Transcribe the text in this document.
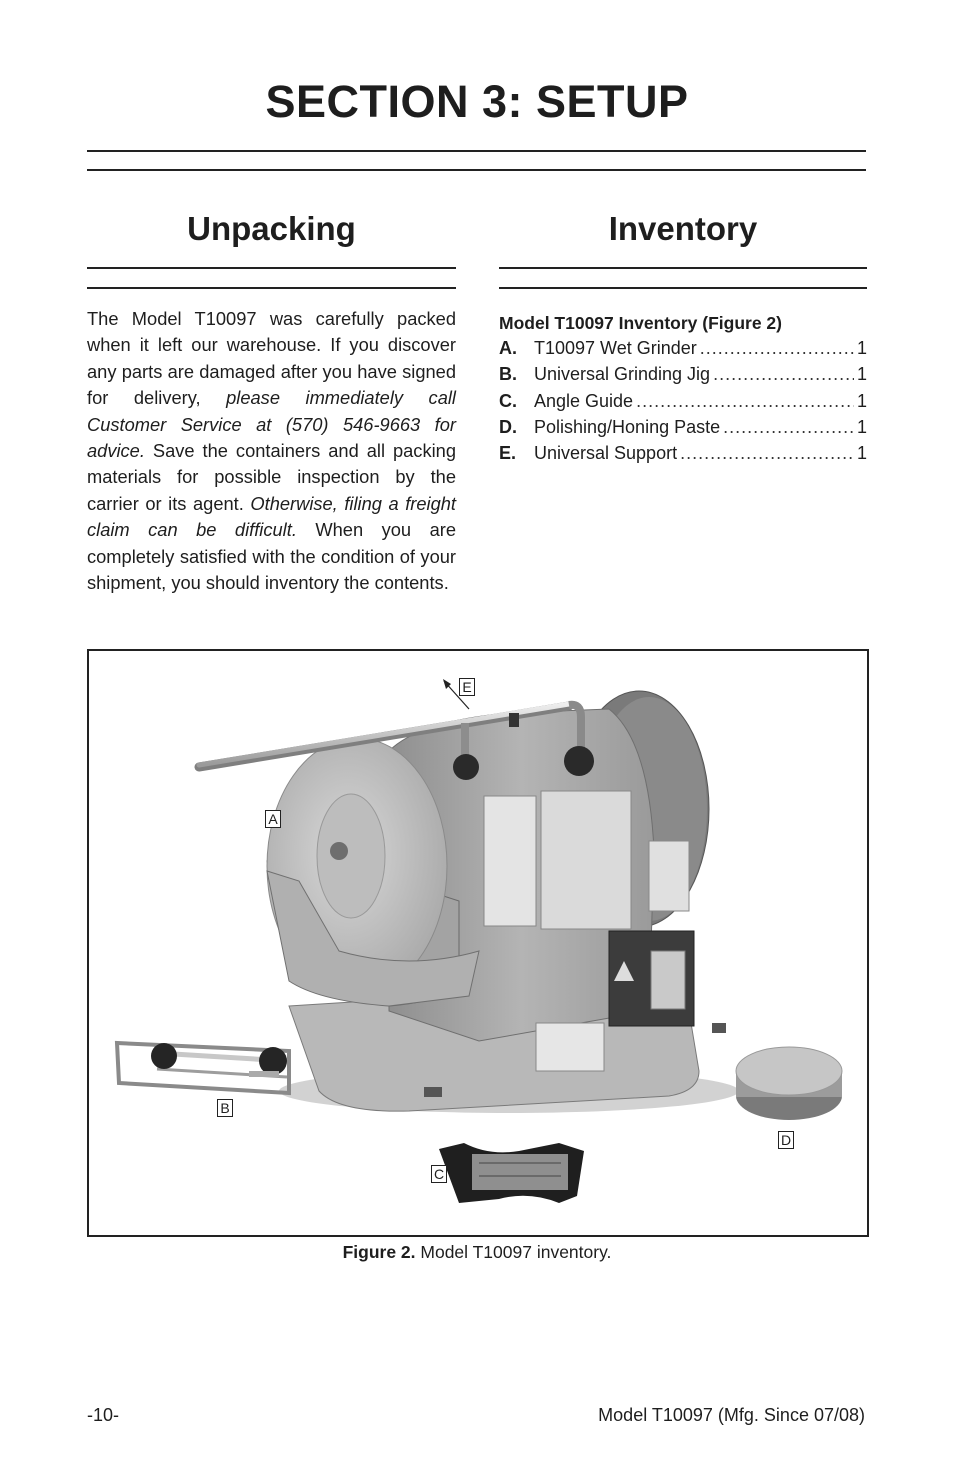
SECTION 3: SETUP
Unpacking	Inventory
The Model T10097 was carefully packed when it left our warehouse. If you discover any parts are damaged after you have signed for delivery, please immediately call Customer Service at (570) 546-9663 for advice. Save the containers and all packing materials for possible inspection by the carrier or its agent. Otherwise, filing a freight claim can be difficult. When you are completely satisfied with the condition of your shipment, you should inventory the contents.
Model T10097 Inventory (Figure 2)
A. T10097 Wet Grinder .....	1
B. Universal Grinding Jig .....	1
C. Angle Guide .....	1
D. Polishing/Honing Paste .....	1
E. Universal Support .....	1
A
B
C
D
E
Figure 2. Model T10097 inventory.
-10-	Model T10097 (Mfg. Since 07/08)
